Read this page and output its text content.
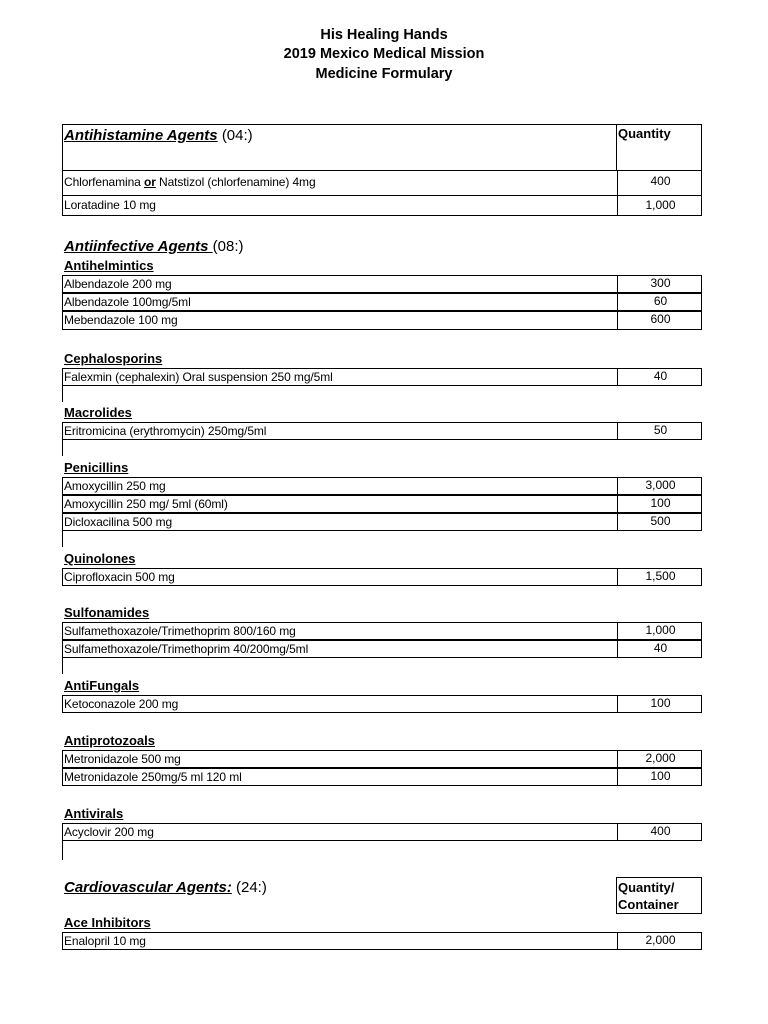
His Healing Hands
2019 Mexico Medical Mission
Medicine Formulary
Antihistamine Agents (04:)	Quantity
Chlorfenamina or Natstizol (chlorfenamine) 4mg	400
Loratadine 10 mg	1,000
Antiinfective Agents (08:)
Antihelmintics
Albendazole 200 mg	300
Albendazole 100mg/5ml	60
Mebendazole 100 mg	600
Cephalosporins
Falexmin (cephalexin) Oral suspension 250 mg/5ml	40
Macrolides
Eritromicina (erythromycin) 250mg/5ml	50
Penicillins
Amoxycillin 250 mg	3,000
Amoxycillin 250 mg/ 5ml (60ml)	100
Dicloxacilina 500 mg	500
Quinolones
Ciprofloxacin 500 mg	1,500
Sulfonamides
Sulfamethoxazole/Trimethoprim 800/160 mg	1,000
Sulfamethoxazole/Trimethoprim 40/200mg/5ml	40
AntiFungals
Ketoconazole 200 mg	100
Antiprotozoals
Metronidazole 500 mg	2,000
Metronidazole 250mg/5 ml 120 ml	100
Antivirals
Acyclovir 200 mg	400
Cardiovascular Agents: (24:)	Quantity/
Container
Ace Inhibitors
Enalopril 10 mg	2,000
